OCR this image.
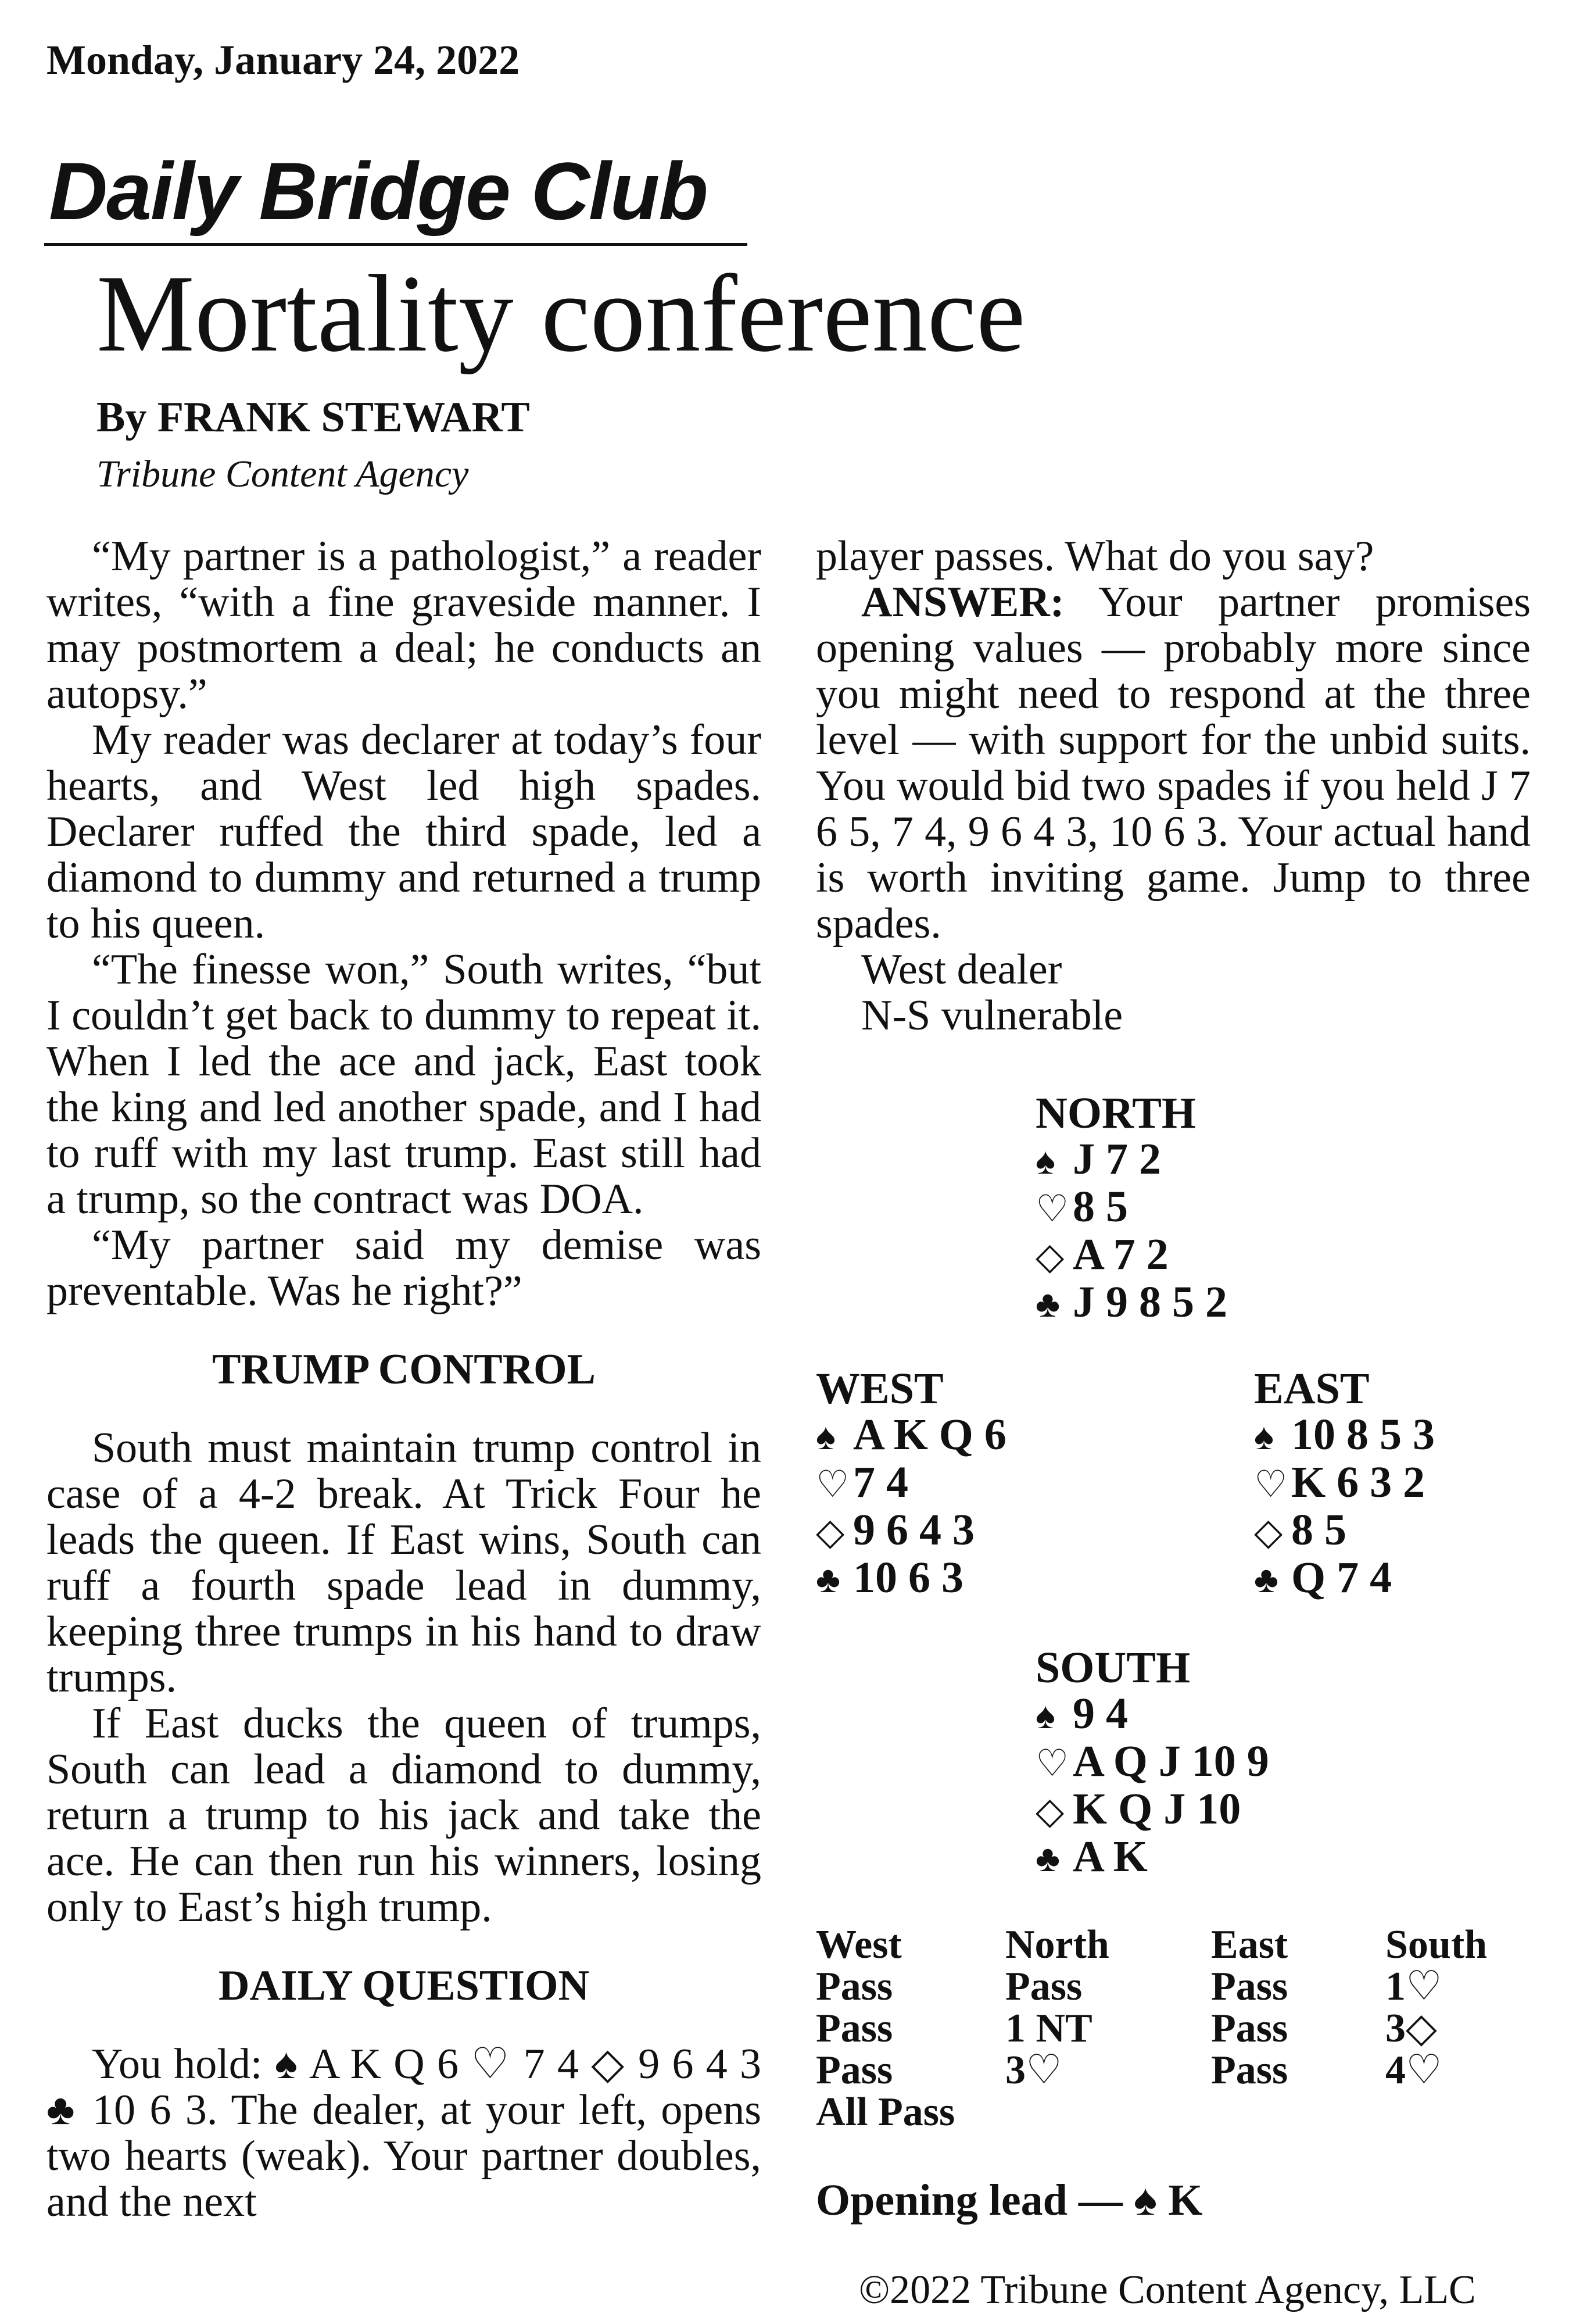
Monday, January 24, 2022
Daily Bridge Club
Mortality conference
By FRANK STEWART
Tribune Content Agency

“My partner is a pathologist,” a reader writes, “with a fine graveside manner. I may postmortem a deal; he conducts an autopsy.”

My reader was declarer at today’s four hearts, and West led high spades. Declarer ruffed the third spade, led a diamond to dummy and returned a trump to his queen.

“The finesse won,” South writes, “but I couldn’t get back to dummy to repeat it. When I led the ace and jack, East took the king and led another spade, and I had to ruff with my last trump. East still had a trump, so the contract was DOA.

“My partner said my demise was preventable. Was he right?”

TRUMP CONTROL

South must maintain trump control in case of a 4-2 break. At Trick Four he leads the queen. If East wins, South can ruff a fourth spade lead in dummy, keeping three trumps in his hand to draw trumps.

If East ducks the queen of trumps, South can lead a diamond to dummy, return a trump to his jack and take the ace. He can then run his winners, losing only to East’s high trump.

DAILY QUESTION

You hold: ♠ A K Q 6 ♡ 7 4 ◇ 9 6 4 3 ♣ 10 6 3. The dealer, at your left, opens two hearts (weak). Your partner doubles, and the next

player passes. What do you say?

ANSWER: Your partner promises opening values — probably more since you might need to respond at the three level — with support for the unbid suits. You would bid two spades if you held J 7 6 5, 7 4, 9 6 4 3, 10 6 3. Your actual hand is worth inviting game. Jump to three spades.

West dealer
N-S vulnerable
NORTH
♠ J 7 2
♡8 5
◇ A 7 2
♣ J 9 8 5 2
WEST
♠ A K Q 6
♡7 4
◇ 9 6 4 3
♣ 10 6 3
EAST
♠ 10 8 5 3
♡K 6 3 2
◇ 8 5
♣ Q 7 4
SOUTH
♠ 9 4
♡A Q J 10 9
◇ K Q J 10
♣ A K
West	North	East South
Pass	Pass	Pass 1♡
Pass	1 NT	Pass 3◇
Pass	3♡	Pass 4♡
All Pass
Opening lead — ♠ K
©2022 Tribune Content Agency, LLC
